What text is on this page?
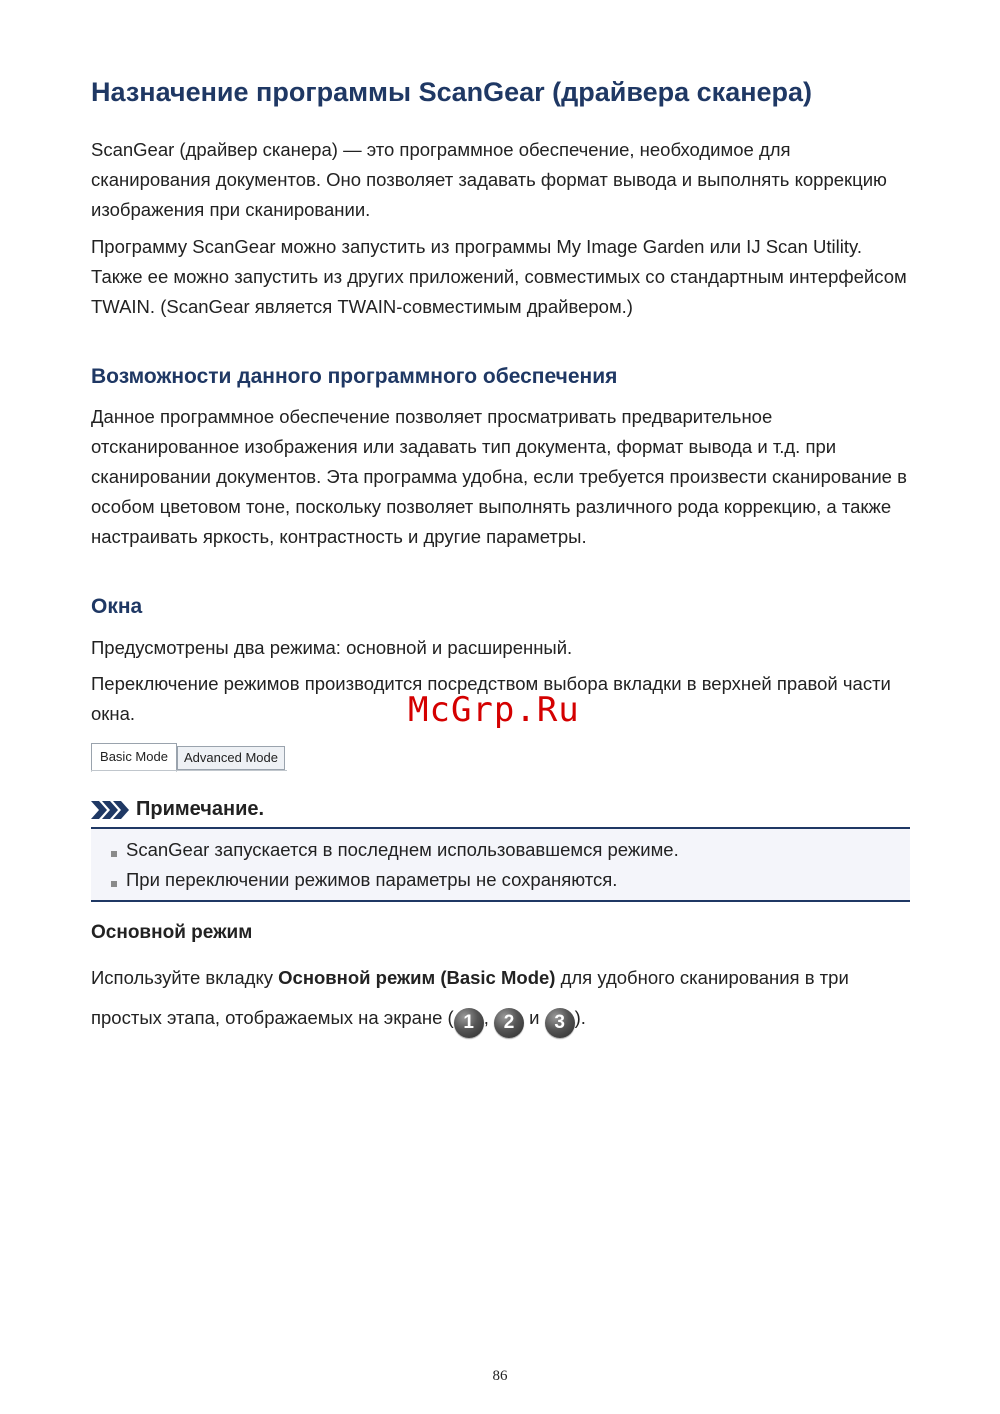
Назначение программы ScanGear (драйвера сканера)

ScanGear (драйвер сканера) — это программное обеспечение, необходимое для сканирования документов. Оно позволяет задавать формат вывода и выполнять коррекцию изображения при сканировании.

Программу ScanGear можно запустить из программы My Image Garden или IJ Scan Utility. Также ее можно запустить из других приложений, совместимых со стандартным интерфейсом TWAIN. (ScanGear является TWAIN-совместимым драйвером.)

Возможности данного программного обеспечения

Данное программное обеспечение позволяет просматривать предварительное отсканированное изображения или задавать тип документа, формат вывода и т.д. при сканировании документов. Эта программа удобна, если требуется произвести сканирование в особом цветовом тоне, поскольку позволяет выполнять различного рода коррекцию, а также настраивать яркость, контрастность и другие параметры.

Окна

Предусмотрены два режима: основной и расширенный.

Переключение режимов производится посредством выбора вкладки в верхней правой части окна.

Basic Mode	Advanced Mode
Примечание.
ScanGear запускается в последнем использовавшемся режиме.
При переключении режимов параметры не сохраняются.
Основной режим

Используйте вкладку Основной режим (Basic Mode) для удобного сканирования в три простых этапа, отображаемых на экране ( 1 , 2 и 3 ).

McGrp.Ru
86
